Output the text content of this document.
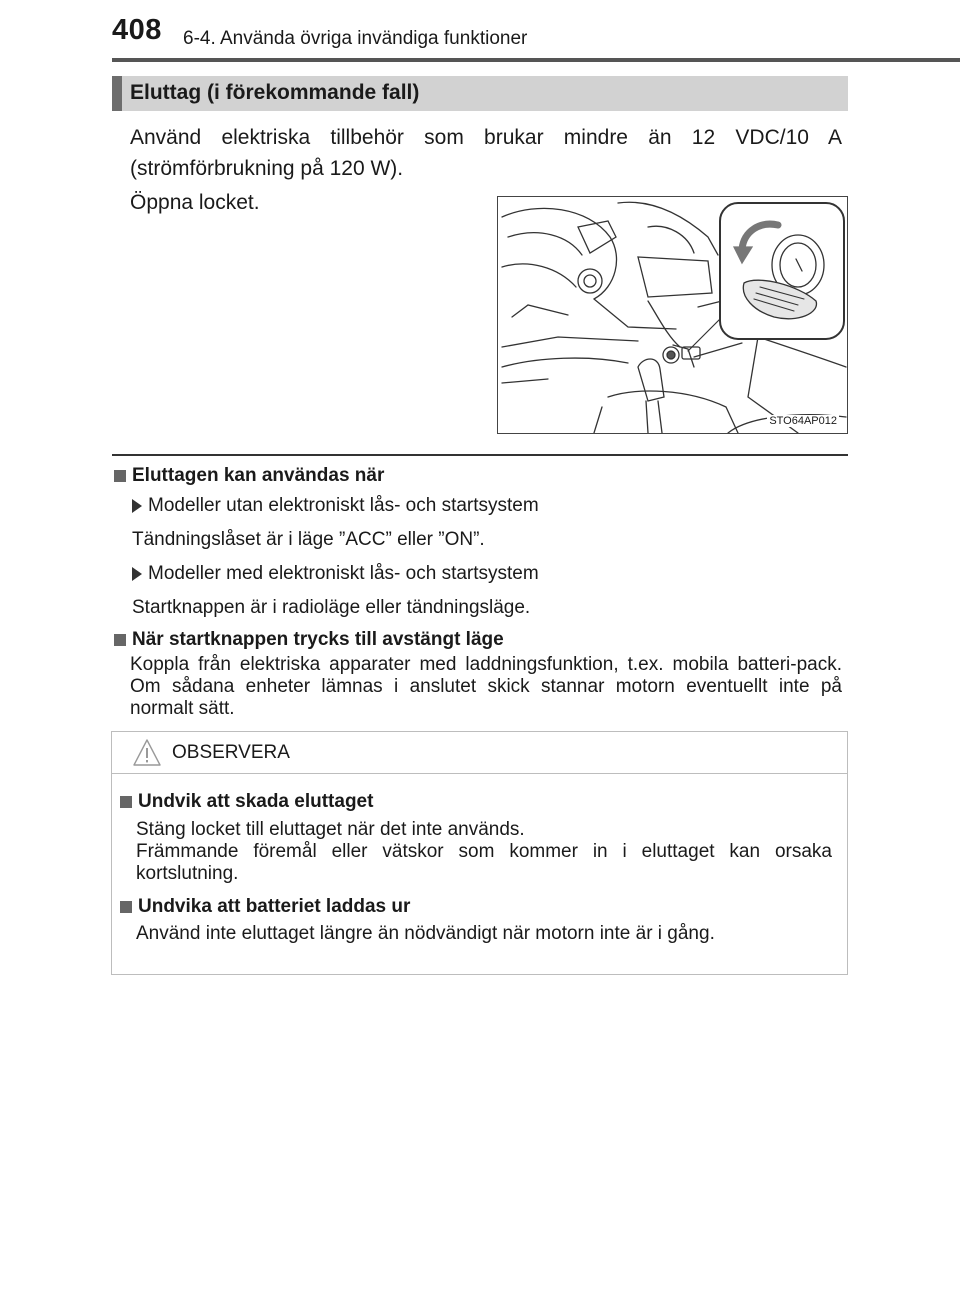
408 6-4. Använda övriga invändiga funktioner
Eluttag (i förekommande fall)
Använd elektriska tillbehör som brukar mindre än 12 VDC/10 A (strömförbrukning på 120 W).
Öppna locket.
STO64AP012
Eluttagen kan användas när
Modeller utan elektroniskt lås- och startsystem
Tändningslåset är i läge ”ACC” eller ”ON”.
Modeller med elektroniskt lås- och startsystem
Startknappen är i radioläge eller tändningsläge.
När startknappen trycks till avstängt läge
Koppla från elektriska apparater med laddningsfunktion, t.ex. mobila batteri-pack. Om sådana enheter lämnas i anslutet skick stannar motorn eventuellt inte på normalt sätt.
OBSERVERA
Undvik att skada eluttaget
Stäng locket till eluttaget när det inte används.
Främmande föremål eller vätskor som kommer in i eluttaget kan orsaka kortslutning.
Undvika att batteriet laddas ur
Använd inte eluttaget längre än nödvändigt när motorn inte är i gång.
